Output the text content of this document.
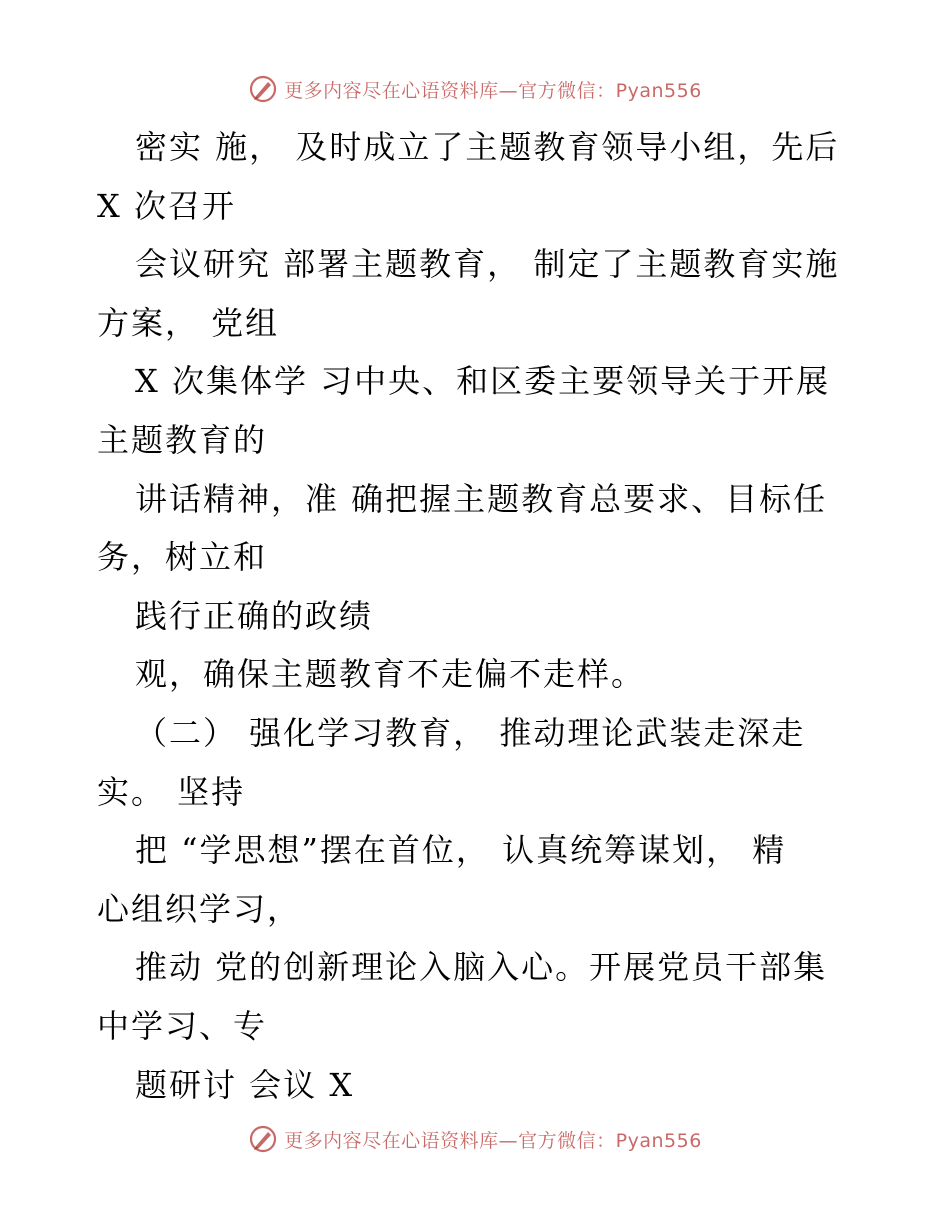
更多内容尽在心语资料库—官方微信：Pyan556
密实 施， 及时成立了主题教育领导小组，先后
X 次召开
会议研究 部署主题教育， 制定了主题教育实施
方案， 党组
X 次集体学 习中央、和区委主要领导关于开展
主题教育的
讲话精神，准 确把握主题教育总要求、目标任
务，树立和
践行正确的政绩
观，确保主题教育不走偏不走样。
（二） 强化学习教育， 推动理论武装走深走
实。 坚持
把 “学思想”摆在首位， 认真统筹谋划， 精
心组织学习，
推动 党的创新理论入脑入心。开展党员干部集
中学习、专
题研讨 会议 X
更多内容尽在心语资料库—官方微信：Pyan556
